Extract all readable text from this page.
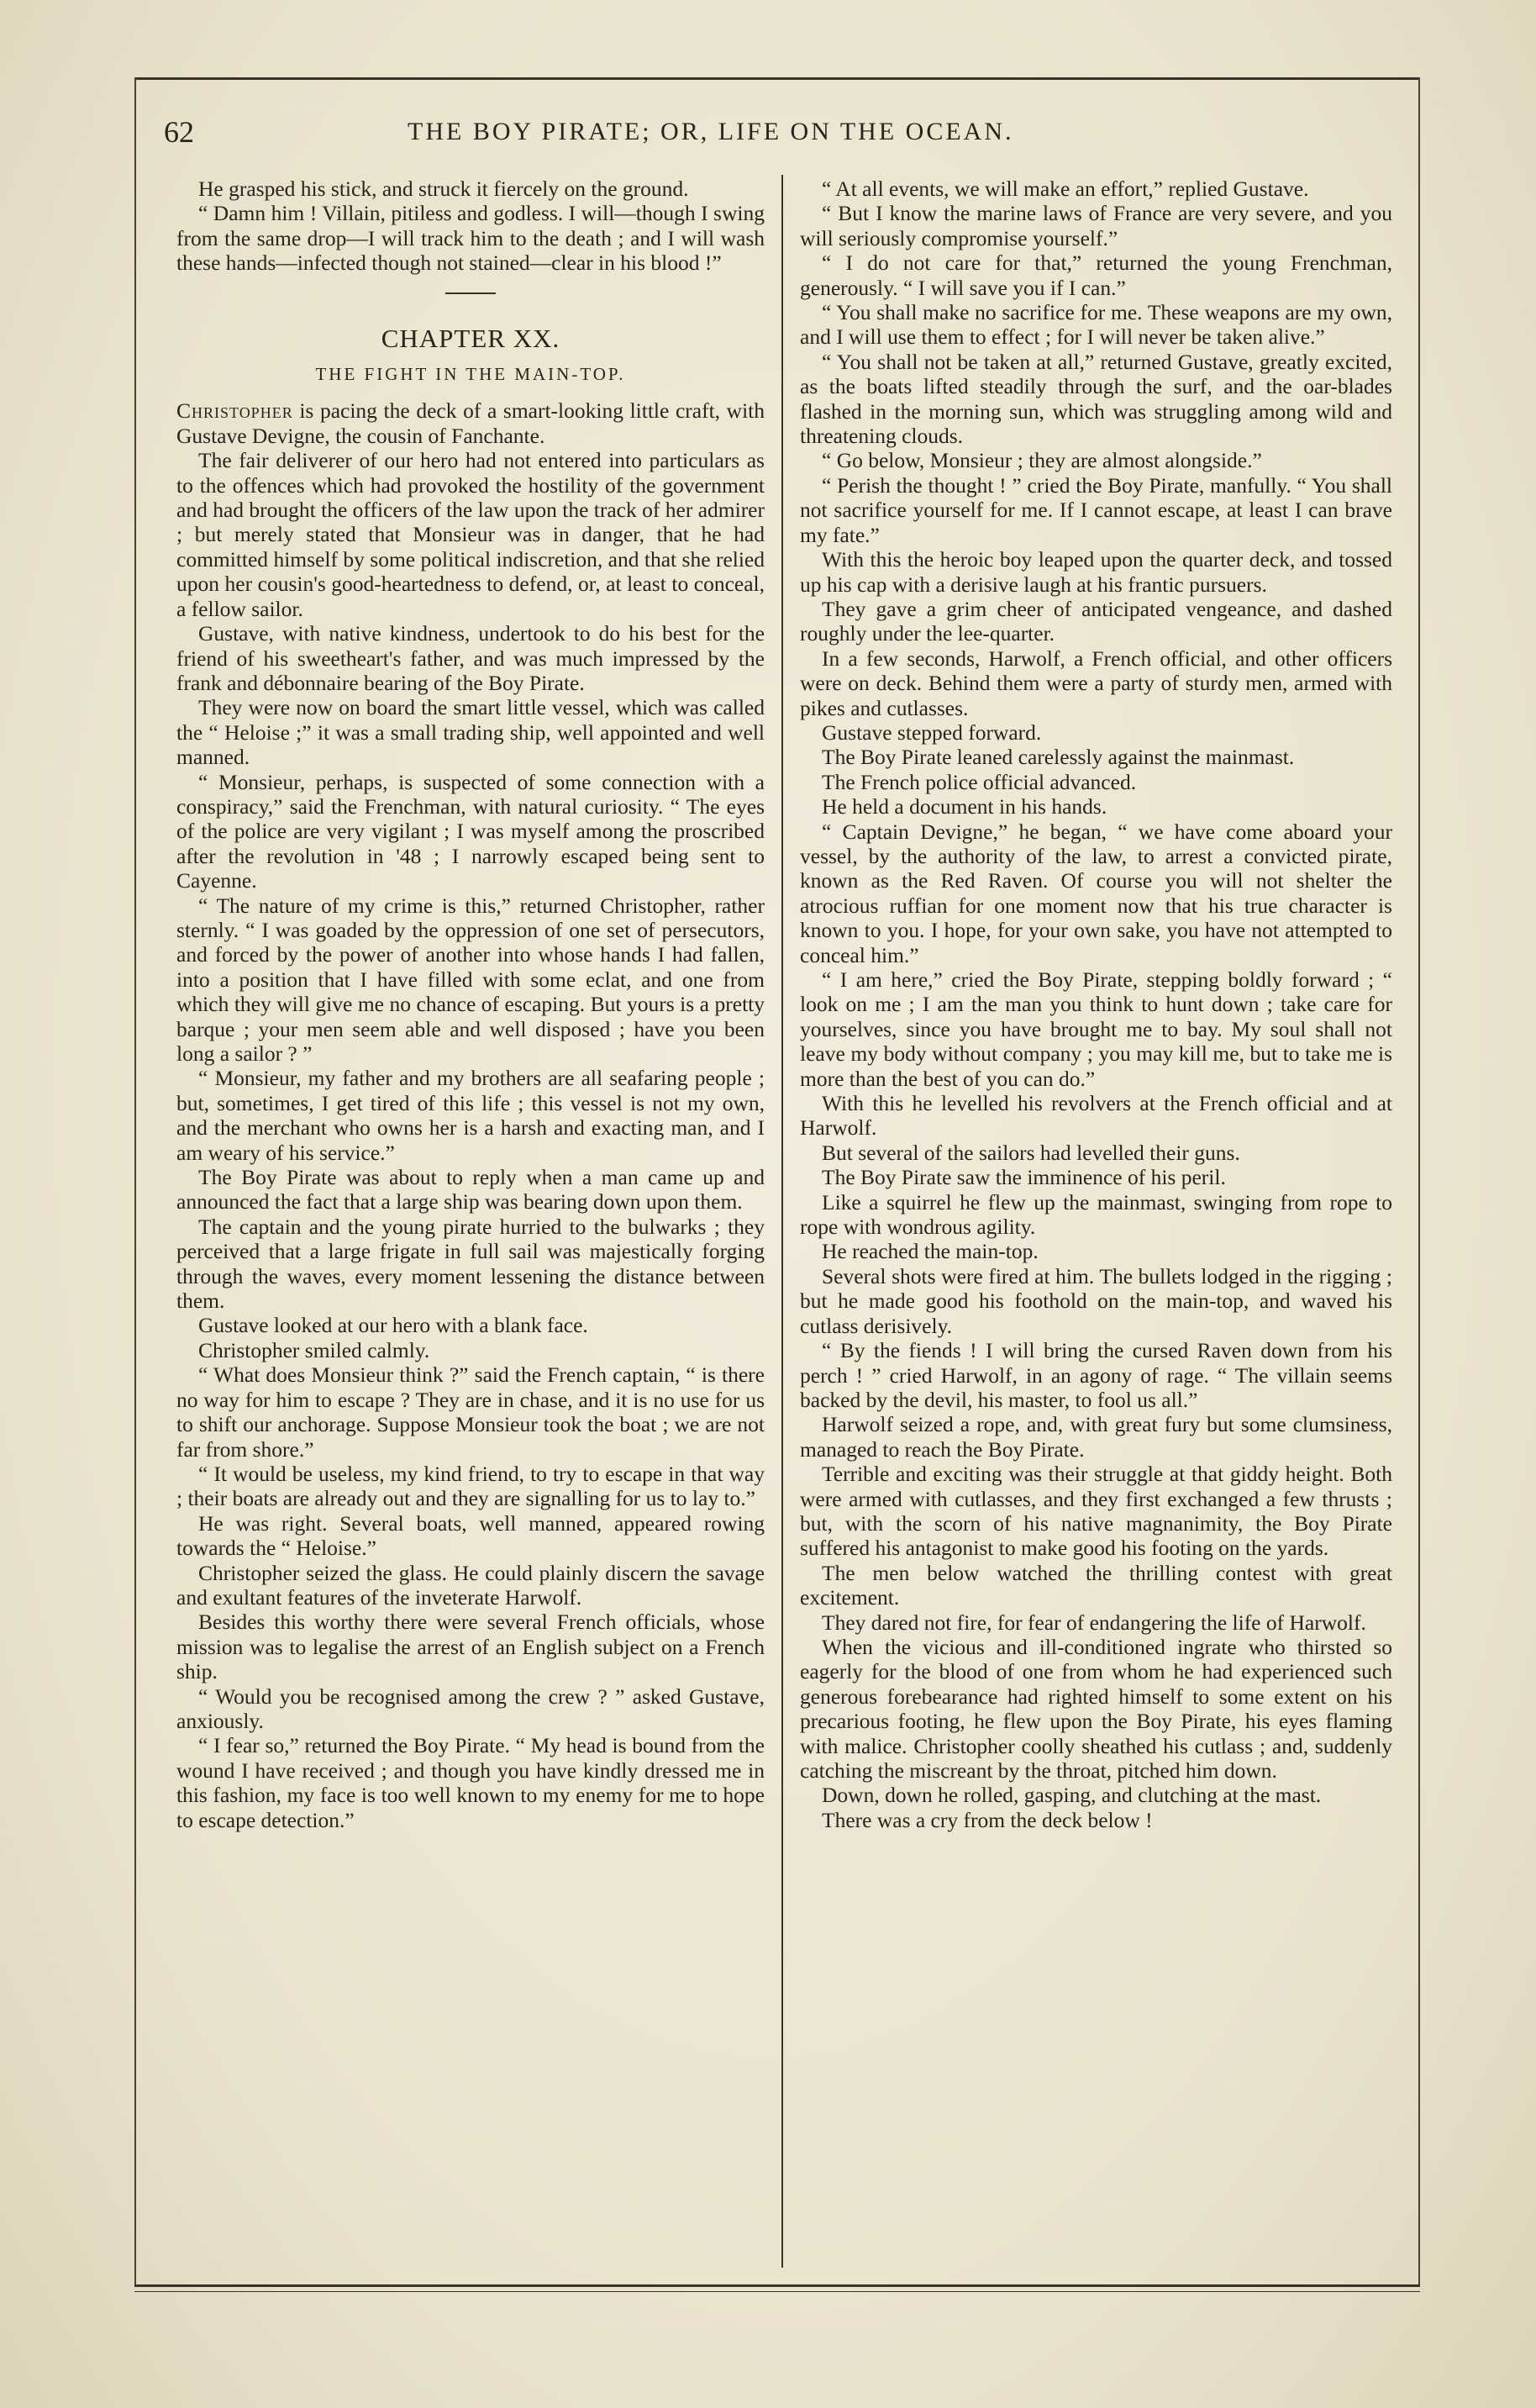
62	THE BOY PIRATE; OR, LIFE ON THE OCEAN.

He grasped his stick, and struck it fiercely on the ground.

“ Damn him ! Villain, pitiless and godless. I will—though I swing from the same drop—I will track him to the death ; and I will wash these hands—infected though not stained—clear in his blood !”

CHAPTER XX.
THE FIGHT IN THE MAIN-TOP.

Christopher is pacing the deck of a smart-looking little craft, with Gustave Devigne, the cousin of Fanchante.

The fair deliverer of our hero had not entered into particulars as to the offences which had provoked the hostility of the government and had brought the officers of the law upon the track of her admirer ; but merely stated that Monsieur was in danger, that he had committed himself by some political indiscretion, and that she relied upon her cousin's good-heartedness to defend, or, at least to conceal, a fellow sailor.

Gustave, with native kindness, undertook to do his best for the friend of his sweetheart's father, and was much impressed by the frank and débonnaire bearing of the Boy Pirate.

They were now on board the smart little vessel, which was called the “ Heloise ;” it was a small trading ship, well appointed and well manned.

“ Monsieur, perhaps, is suspected of some connection with a conspiracy,” said the Frenchman, with natural curiosity. “ The eyes of the police are very vigilant ; I was myself among the proscribed after the revolution in '48 ; I narrowly escaped being sent to Cayenne.

“ The nature of my crime is this,” returned Christopher, rather sternly. “ I was goaded by the oppression of one set of persecutors, and forced by the power of another into whose hands I had fallen, into a position that I have filled with some eclat, and one from which they will give me no chance of escaping. But yours is a pretty barque ; your men seem able and well disposed ; have you been long a sailor ? ”

“ Monsieur, my father and my brothers are all seafaring people ; but, sometimes, I get tired of this life ; this vessel is not my own, and the merchant who owns her is a harsh and exacting man, and I am weary of his service.”

The Boy Pirate was about to reply when a man came up and announced the fact that a large ship was bearing down upon them.

The captain and the young pirate hurried to the bulwarks ; they perceived that a large frigate in full sail was majestically forging through the waves, every moment lessening the distance between them.

Gustave looked at our hero with a blank face.

Christopher smiled calmly.

“ What does Monsieur think ?” said the French captain, “ is there no way for him to escape ? They are in chase, and it is no use for us to shift our anchorage. Suppose Monsieur took the boat ; we are not far from shore.”

“ It would be useless, my kind friend, to try to escape in that way ; their boats are already out and they are signalling for us to lay to.”

He was right. Several boats, well manned, appeared rowing towards the “ Heloise.”

Christopher seized the glass. He could plainly discern the savage and exultant features of the inveterate Harwolf.

Besides this worthy there were several French officials, whose mission was to legalise the arrest of an English subject on a French ship.

“ Would you be recognised among the crew ? ” asked Gustave, anxiously.

“ I fear so,” returned the Boy Pirate. “ My head is bound from the wound I have received ; and though you have kindly dressed me in this fashion, my face is too well known to my enemy for me to hope to escape detection.”

“ At all events, we will make an effort,” replied Gustave.

“ But I know the marine laws of France are very severe, and you will seriously compromise yourself.”

“ I do not care for that,” returned the young Frenchman, generously. “ I will save you if I can.”

“ You shall make no sacrifice for me. These weapons are my own, and I will use them to effect ; for I will never be taken alive.”

“ You shall not be taken at all,” returned Gustave, greatly excited, as the boats lifted steadily through the surf, and the oar-blades flashed in the morning sun, which was struggling among wild and threatening clouds.

“ Go below, Monsieur ; they are almost alongside.”

“ Perish the thought ! ” cried the Boy Pirate, manfully. “ You shall not sacrifice yourself for me. If I cannot escape, at least I can brave my fate.”

With this the heroic boy leaped upon the quarter deck, and tossed up his cap with a derisive laugh at his frantic pursuers.

They gave a grim cheer of anticipated vengeance, and dashed roughly under the lee-quarter.

In a few seconds, Harwolf, a French official, and other officers were on deck. Behind them were a party of sturdy men, armed with pikes and cutlasses.

Gustave stepped forward.

The Boy Pirate leaned carelessly against the mainmast.

The French police official advanced.

He held a document in his hands.

“ Captain Devigne,” he began, “ we have come aboard your vessel, by the authority of the law, to arrest a convicted pirate, known as the Red Raven. Of course you will not shelter the atrocious ruffian for one moment now that his true character is known to you. I hope, for your own sake, you have not attempted to conceal him.”

“ I am here,” cried the Boy Pirate, stepping boldly forward ; “ look on me ; I am the man you think to hunt down ; take care for yourselves, since you have brought me to bay. My soul shall not leave my body without company ; you may kill me, but to take me is more than the best of you can do.”

With this he levelled his revolvers at the French official and at Harwolf.

But several of the sailors had levelled their guns.

The Boy Pirate saw the imminence of his peril.

Like a squirrel he flew up the mainmast, swinging from rope to rope with wondrous agility.

He reached the main-top.

Several shots were fired at him. The bullets lodged in the rigging ; but he made good his foothold on the main-top, and waved his cutlass derisively.

“ By the fiends ! I will bring the cursed Raven down from his perch ! ” cried Harwolf, in an agony of rage. “ The villain seems backed by the devil, his master, to fool us all.”

Harwolf seized a rope, and, with great fury but some clumsiness, managed to reach the Boy Pirate.

Terrible and exciting was their struggle at that giddy height. Both were armed with cutlasses, and they first exchanged a few thrusts ; but, with the scorn of his native magnanimity, the Boy Pirate suffered his antagonist to make good his footing on the yards.

The men below watched the thrilling contest with great excitement.

They dared not fire, for fear of endangering the life of Harwolf.

When the vicious and ill-conditioned ingrate who thirsted so eagerly for the blood of one from whom he had experienced such generous forebearance had righted himself to some extent on his precarious footing, he flew upon the Boy Pirate, his eyes flaming with malice. Christopher coolly sheathed his cutlass ; and, suddenly catching the miscreant by the throat, pitched him down.

Down, down he rolled, gasping, and clutching at the mast.

There was a cry from the deck below !
